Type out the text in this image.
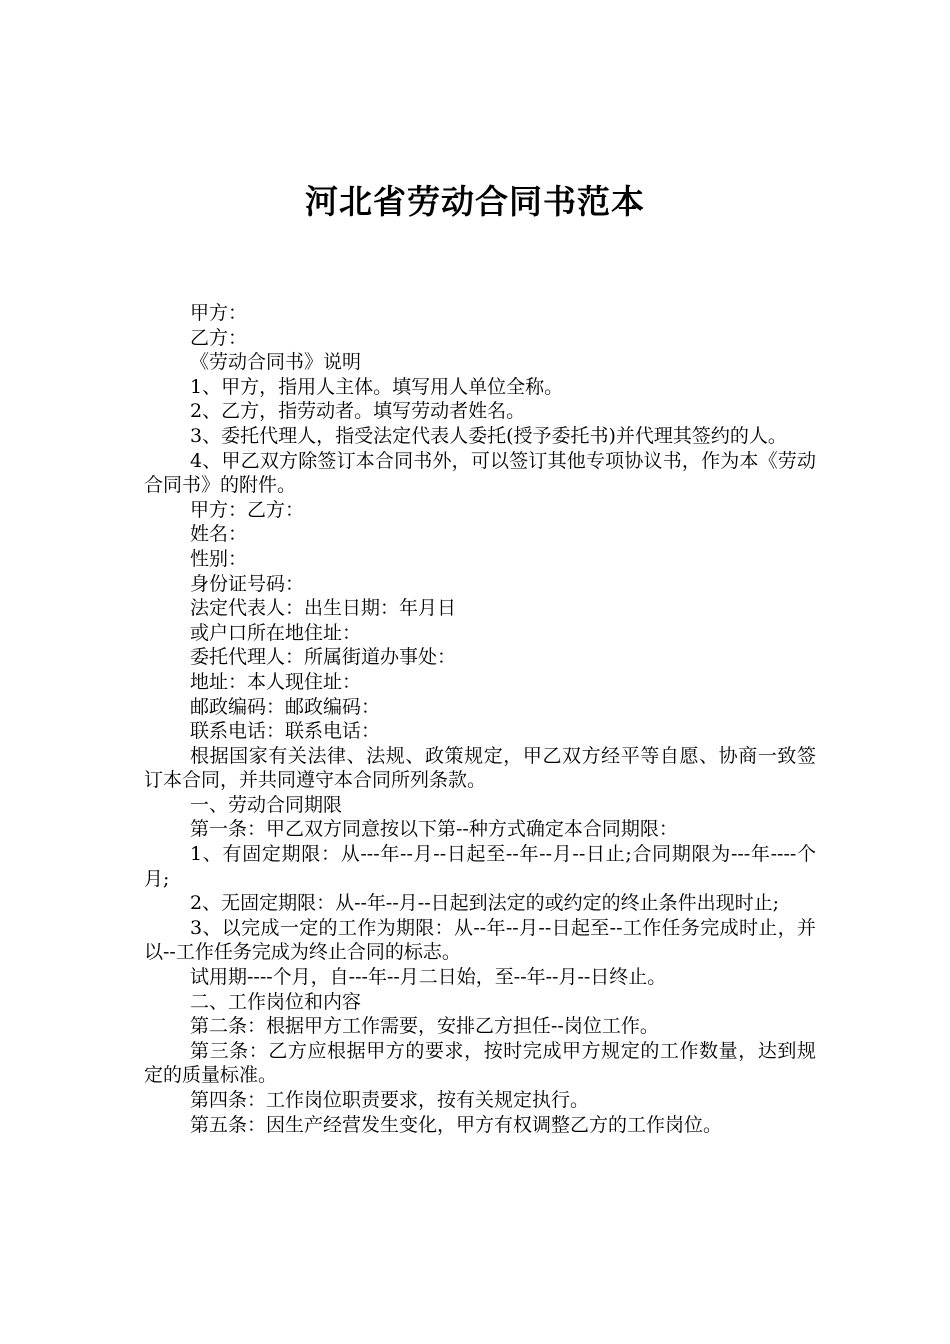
河北省劳动合同书范本

甲方：

乙方：

《劳动合同书》说明

1、甲方，指用人主体。填写用人单位全称。

2、乙方，指劳动者。填写劳动者姓名。

3、委托代理人，指受法定代表人委托(授予委托书)并代理其签约的人。

4、甲乙双方除签订本合同书外，可以签订其他专项协议书，作为本《劳动合同书》的附件。

甲方：乙方：

姓名：

性别：

身份证号码：

法定代表人：出生日期：年月日

或户口所在地住址：

委托代理人：所属街道办事处：

地址：本人现住址：

邮政编码：邮政编码：

联系电话：联系电话：

根据国家有关法律、法规、政策规定，甲乙双方经平等自愿、协商一致签订本合同，并共同遵守本合同所列条款。

一、劳动合同期限

第一条：甲乙双方同意按以下第--种方式确定本合同期限：

1、有固定期限：从---年--月--日起至--年--月--日止;合同期限为---年----个月;

2、无固定期限：从--年--月--日起到法定的或约定的终止条件出现时止;

3、以完成一定的工作为期限：从--年--月--日起至--工作任务完成时止，并以--工作任务完成为终止合同的标志。

试用期----个月，自---年--月二日始，至--年--月--日终止。

二、工作岗位和内容

第二条：根据甲方工作需要，安排乙方担任--岗位工作。

第三条：乙方应根据甲方的要求，按时完成甲方规定的工作数量，达到规定的质量标准。

第四条：工作岗位职责要求，按有关规定执行。

第五条：因生产经营发生变化，甲方有权调整乙方的工作岗位。
